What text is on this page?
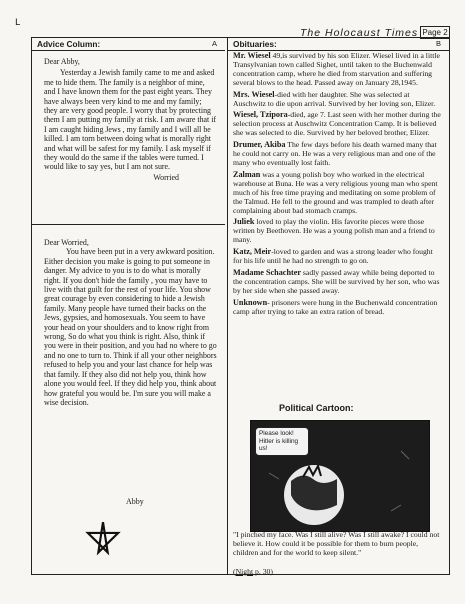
L
The Holocaust Times Page 2
Advice Column:	A

Dear Abby,

Yesterday a Jewish family came to me and asked me to hide them. The family is a neighbor of mine, and I have known them for the past eight years. They have always been very kind to me and my family; they are very good people. I worry that by protecting them I am putting my family at risk. I am aware that if I am caught hiding Jews , my family and I will all be killed. I am torn between doing what is morally right and what will be safest for my family. I ask myself if they would do the same if the tables were turned. I would like to say yes, but I am not sure.

Worried

Dear Worried,

You have been put in a very awkward position. Either decision you make is going to put someone in danger. My advice to you is to do what is morally right. If you don't hide the family , you may have to live with that guilt for the rest of your life. You show great courage by even considering to hide a Jewish family. Many people have turned their backs on the Jews, gypsies, and homosexuals. You seem to have your head on your shoulders and to know right from wrong, So do what you think is right. Also, think if you were in their position, and you had no where to go and no one to turn to. Think if all your other neighbors refused to help you and your last chance for help was that family. If they also did not help you, think how alone you would feel. If they did help you, think about how grateful you would be. I'm sure you will make a wise decision.

Abby
Obituaries:	B

Mr. Wiesel 49,is survived by his son Elizer. Wiesel lived in a little Transylvanian town called Sighet, until taken to the Buchenwald concentration camp, where he died from starvation and suffering several blows to the head. Passed away on January 28,1945.

Mrs. Wiesel-died with her daughter. She was selected at Auschwitz to die upon arrival. Survived by her loving son, Elizer.

Wiesel, Tzipora-died, age 7. Last seen with her mother during the selection process at Auschwitz Concentration Camp. It is believed she was selected to die. Survived by her beloved brother, Elizer.

Drumer, Akiba The few days before his death warned many that he could not carry on. He was a very religious man and one of the many who eventually lost faith.

Zalman was a young polish boy who worked in the electrical warehouse at Buna. He was a very religious young man who spent much of his free time praying and meditating on some problem of the Talmud. He fell to the ground and was trampled to death after complaining about bad stomach cramps.

Juliek loved to play the violin. His favorite pieces were those written by Beethoven. He was a young polish man and a friend to many.

Katz, Meir-loved to garden and was a strong leader who fought for his life until he had no strength to go on.

Madame Schachter sadly passed away while being deported to the concentration camps. She will be survived by her son, who was by her side when she passed away.

Unknown- prisoners were hung in the Buchenwald concentration camp after trying to take an extra ration of bread.

Political Cartoon:
Please look! Hitler is killing us!

"I pinched my face. Was I still alive? Was I still awake? I could not believe it. How could it be possible for them to burn people, children and for the world to keep silent."

(Night p. 30)
